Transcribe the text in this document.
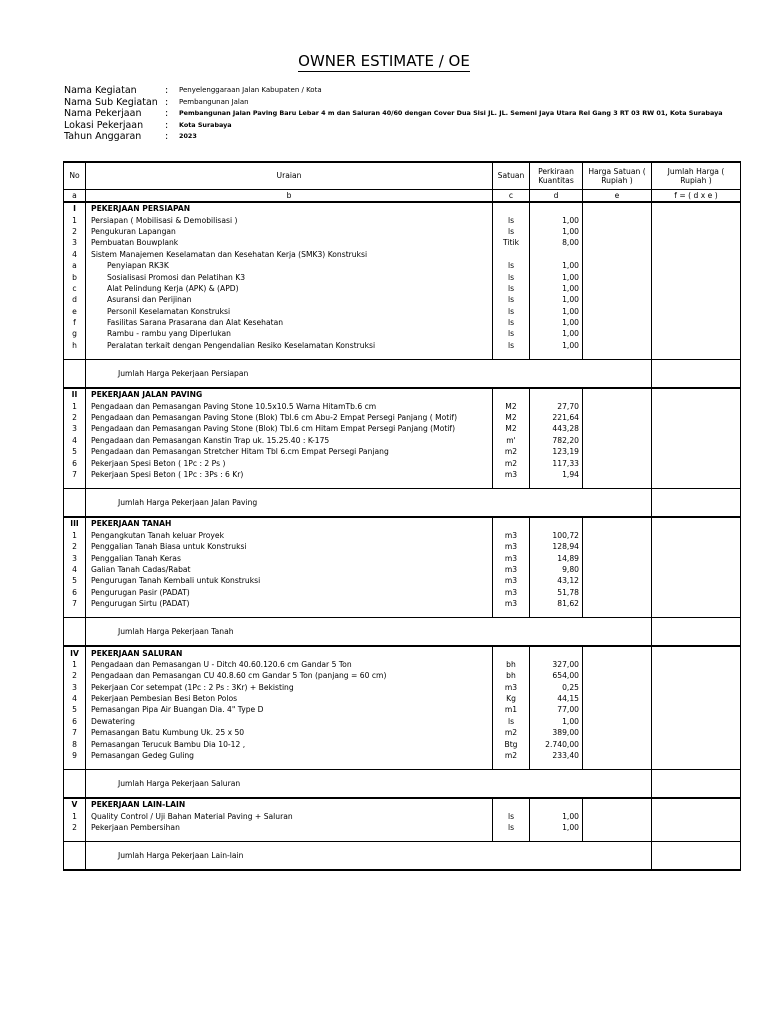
OWNER ESTIMATE / OE
Nama Kegiatan	:	Penyelenggaraan Jalan Kabupaten / Kota
Nama Sub Kegiatan :	Pembangunan Jalan
Nama Pekerjaan	:	Pembangunan Jalan Paving Baru Lebar 4 m dan Saluran 40/60 dengan Cover Dua Sisi JL. JL. Semeni Jaya Utara Rel Gang 3 RT 03 RW 01, Kota Surabaya
Lokasi Pekerjaan	:	Kota Surabaya
Tahun Anggaran	:	2023
No	Uraian	Satuan	Perkiraan Kuantitas	Harga Satuan ( Rupiah )	Jumlah Harga ( Rupiah )
a	b	c	d	e	f = ( d x e )
I	PEKERJAAN PERSIAPAN				
1	Persiapan ( Mobilisasi & Demobilisasi )	ls	1,00		
2	Pengukuran Lapangan	ls	1,00		
3	Pembuatan Bouwplank	Titik	8,00		
4	Sistem Manajemen Keselamatan dan Kesehatan Kerja (SMK3) Konstruksi				
a	Penyiapan RK3K	ls	1,00		
b	Sosialisasi Promosi dan Pelatihan K3	ls	1,00		
c	Alat Pelindung Kerja (APK) & (APD)	ls	1,00		
d	Asuransi dan Perijinan	ls	1,00		
e	Personil Keselamatan Konstruksi	ls	1,00		
f	Fasilitas Sarana Prasarana dan Alat Kesehatan	ls	1,00		
g	Rambu - rambu yang Diperlukan	ls	1,00		
h	Peralatan terkait dengan Pengendalian Resiko Keselamatan Konstruksi	ls	1,00		

	Jumlah Harga Pekerjaan Persiapan				
II	PEKERJAAN JALAN PAVING				
1	Pengadaan dan Pemasangan Paving Stone 10.5x10.5 Warna HitamTb.6 cm	M2	27,70		
2	Pengadaan dan Pemasangan Paving Stone (Blok) Tbl.6 cm Abu-2 Empat Persegi Panjang ( Motif)	M2	221,64		
3	Pengadaan dan Pemasangan Paving Stone (Blok) Tbl.6 cm Hitam Empat Persegi Panjang (Motif)	M2	443,28		
4	Pengadaan dan Pemasangan Kanstin Trap uk. 15.25.40 : K-175	m'	782,20		
5	Pengadaan dan Pemasangan Stretcher Hitam Tbl 6.cm Empat Persegi Panjang	m2	123,19		
6	Pekerjaan Spesi Beton ( 1Pc : 2 Ps )	m2	117,33		
7	Pekerjaan Spesi Beton ( 1Pc : 3Ps : 6 Kr)	m3	1,94		

	Jumlah Harga Pekerjaan Jalan Paving				
III	PEKERJAAN TANAH				
1	Pengangkutan Tanah keluar Proyek	m3	100,72		
2	Penggalian Tanah Biasa untuk Konstruksi	m3	128,94		
3	Penggalian Tanah Keras	m3	14,89		
4	Galian Tanah Cadas/Rabat	m3	9,80		
5	Pengurugan Tanah Kembali untuk Konstruksi	m3	43,12		
6	Pengurugan Pasir (PADAT)	m3	51,78		
7	Pengurugan Sirtu (PADAT)	m3	81,62		

	Jumlah Harga Pekerjaan Tanah				
IV	PEKERJAAN SALURAN				
1	Pengadaan dan Pemasangan U - Ditch 40.60.120.6 cm Gandar 5 Ton	bh	327,00		
2	Pengadaan dan Pemasangan CU 40.8.60 cm Gandar 5 Ton (panjang = 60 cm)	bh	654,00		
3	Pekerjaan Cor setempat (1Pc : 2 Ps : 3Kr) + Bekisting	m3	0,25		
4	Pekerjaan Pembesian Besi Beton Polos	Kg	44,15		
5	Pemasangan Pipa Air Buangan Dia. 4" Type D	m1	77,00		
6	Dewatering	ls	1,00		
7	Pemasangan Batu Kumbung Uk. 25 x 50	m2	389,00		
8	Pemasangan Terucuk Bambu Dia 10-12 ,	Btg	2.740,00		
9	Pemasangan Gedeg Guling	m2	233,40		

	Jumlah Harga Pekerjaan Saluran				
V	PEKERJAAN LAIN-LAIN				
1	Quality Control / Uji Bahan Material Paving + Saluran	ls	1,00		
2	Pekerjaan Pembersihan	ls	1,00		

	Jumlah Harga Pekerjaan Lain-lain				
